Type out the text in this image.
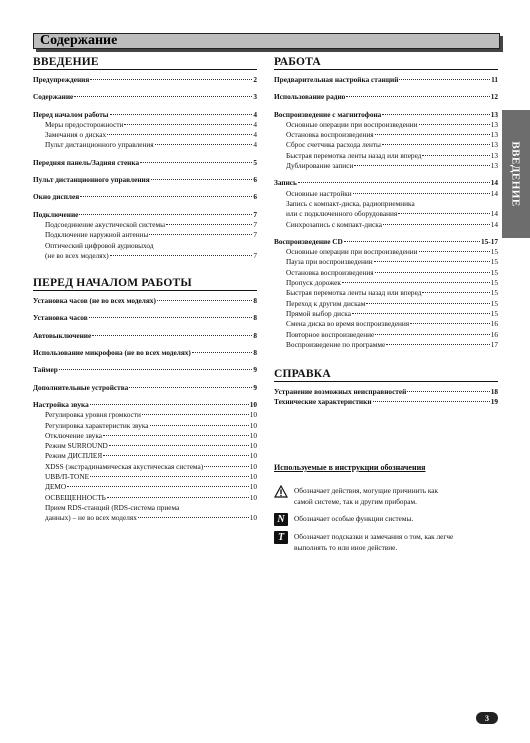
Содержание
ВВЕДЕНИЕ
Предупреждения	2
Содержание	3
Перед началом работы	4
Меры предосторожности	4
Замечания о дисках	4
Пульт дистанционного управления	4
Передняя панель/Задняя стенка	5
Пульт дистанционного управления	6
Окно дисплея	6
Подключение	7
Подсоединение акустической системы	7
Подключение наружной антенны	7
Оптический цифровой аудиовыход
(не во всех моделях)	7
ПЕРЕД НАЧАЛОМ РАБОТЫ
Установка часов (не во всех моделях)	8
Установка часов	8
Автовыключение	8
Использование микрофона (не во всех моделях)	8
Таймер	9
Дополнительные устройства	9
Настройка звука	10
Регулировка уровня громкости	10
Регулировка характеристик звука	10
Отключение звука	10
Режим SURROUND	10
Режим ДИСПЛЕЯ	10
XDSS (экстрадинамическая акустическая система)	10
UBB/П-TONE	10
ДЕМО	10
ОСВЕЩЕННОСТЬ	10
Прием RDS-станций (RDS-система приема
данных) – не во всех моделях	10
РАБОТА
Предварительная настройка станций	11
Использование радио	12
Воспроизведение с магнитофона	13
Основные операции при воспроизведении	13
Остановка воспроизведения	13
Сброс счетчика расхода ленты	13
Быстрая перемотка ленты назад или вперед	13
Дублирование записи	13
Запись	14
Основные настройки	14
Запись с компакт-диска, радиоприемника
или с подключенного оборудования	14
Синхрозапись с компакт-диска	14
Воспроизведение CD	15-17
Основные операции при воспроизведении	15
Пауза при воспроизведении	15
Остановка воспроизведения	15
Пропуск дорожек	15
Быстрая перемотка ленты назад или вперед	15
Переход к другим дискам	15
Прямой выбор диска	15
Смена диска во время воспроизведения	16
Повторное воспроизведение	16
Воспроизведение по программе	17
СПРАВКА
Устранение возможных неисправностей	18
Технические характеристики	19
ВВЕДЕНИЕ
Используемые в инструкции обозначения
Обозначает действия, могущие причинить как
самой системе, так и другим приборам.
N Обозначает особые функции системы.
T Обозначает подсказки и замечания о том, как легче
выполнять то или иное действие.
3
